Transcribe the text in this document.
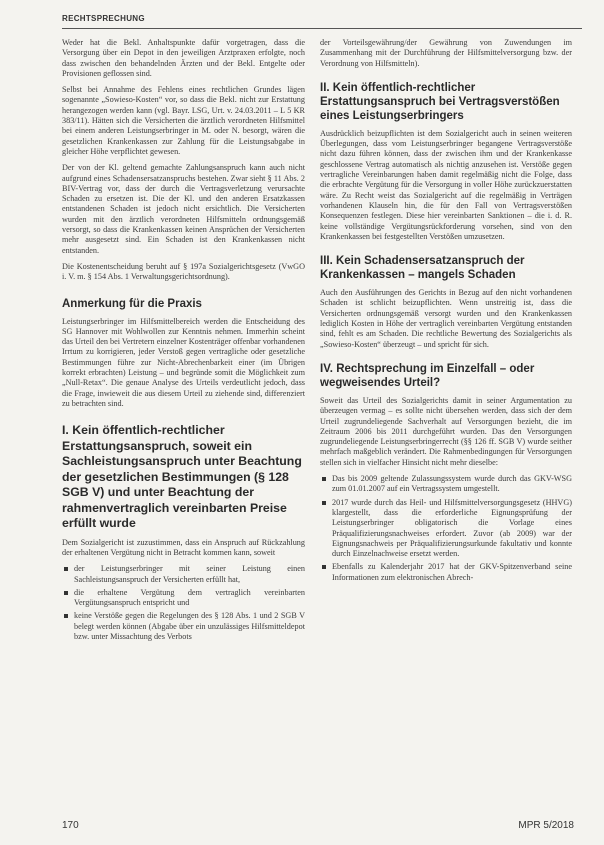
RECHTSPRECHUNG

Weder hat die Bekl. Anhaltspunkte dafür vorgetragen, dass die Versorgung über ein Depot in den jeweiligen Arztpraxen erfolgte, noch dass zwischen den behandelnden Ärzten und der Bekl. Entgelte oder Provisionen geflossen sind.

Selbst bei Annahme des Fehlens eines rechtlichen Grundes lägen sogenannte „Sowieso-Kosten“ vor, so dass die Bekl. nicht zur Erstattung herangezogen werden kann (vgl. Bayr. LSG, Urt. v. 24.03.2011 – L 5 KR 383/11). Hätten sich die Versicherten die ärztlich verordneten Hilfsmittel bei einem anderen Leistungserbringer in M. oder N. besorgt, wären die gesetzlichen Krankenkassen zur Zahlung für die Leistungsabgabe in gleicher Höhe verpflichtet gewesen.

Der von der Kl. geltend gemachte Zahlungsanspruch kann auch nicht aufgrund eines Schadensersatzanspruchs bestehen. Zwar sieht § 11 Abs. 2 BIV-Vertrag vor, dass der durch die Vertragsverletzung verursachte Schaden zu ersetzen ist. Die der Kl. und den anderen Ersatzkassen entstandenen Schaden ist jedoch nicht ersichtlich. Die Versicherten wurden mit den ärztlich verordneten Hilfsmitteln ordnungsgemäß versorgt, so dass die Krankenkassen keinen Ansprüchen der Versicherten mehr ausgesetzt sind. Ein Schaden ist den Krankenkassen nicht entstanden.

Die Kostenentscheidung beruht auf § 197a Sozialgerichtsgesetz (VwGO i. V. m. § 154 Abs. 1 Verwaltungsgerichtsordnung).

Anmerkung für die Praxis

Leistungserbringer im Hilfsmittelbereich werden die Entscheidung des SG Hannover mit Wohlwollen zur Kenntnis nehmen. Immerhin scheint das Urteil den bei Vertretern einzelner Kostenträger offenbar vorhandenen Irrtum zu korrigieren, jeder Verstoß gegen vertragliche oder gesetzliche Bestimmungen führe zur Nicht-Abrechenbarkeit einer (im Übrigen korrekt erbrachten) Leistung – und begründe somit die Möglichkeit zum „Null-Retax“. Die genaue Analyse des Urteils verdeutlicht jedoch, dass die Frage, inwieweit die aus diesem Urteil zu ziehende sind, differenziert zu betrachten sind.

I. Kein öffentlich-rechtlicher Erstattungsanspruch, soweit ein Sachleistungsanspruch unter Beachtung der gesetzlichen Bestimmungen (§ 128 SGB V) und unter Beachtung der rahmenvertraglich vereinbarten Preise erfüllt wurde

Dem Sozialgericht ist zuzustimmen, dass ein Anspruch auf Rückzahlung der erhaltenen Vergütung nicht in Betracht kommen kann, soweit

der Leistungserbringer mit seiner Leistung einen Sachleistungsanspruch der Versicherten erfüllt hat,
die erhaltene Vergütung dem vertraglich vereinbarten Vergütungsanspruch entspricht und
keine Verstöße gegen die Regelungen des § 128 Abs. 1 und 2 SGB V belegt werden können (Abgabe über ein unzulässiges Hilfsmitteldepot bzw. unter Missachtung des Verbots

der Vorteilsgewährung/der Gewährung von Zuwendungen im Zusammenhang mit der Durchführung der Hilfsmittelversorgung bzw. der Verordnung von Hilfsmitteln).

II. Kein öffentlich-rechtlicher Erstattungsanspruch bei Vertragsverstößen eines Leistungserbringers

Ausdrücklich beizupflichten ist dem Sozialgericht auch in seinen weiteren Überlegungen, dass vom Leistungserbringer begangene Vertragsverstöße nicht dazu führen können, dass der zwischen ihm und der Krankenkasse geschlossene Vertrag automatisch als nichtig anzusehen ist. Verstöße gegen vertragliche Vereinbarungen haben damit regelmäßig nicht die Folge, dass die erbrachte Vergütung für die Versorgung in voller Höhe zurückzuerstatten wäre. Zu Recht weist das Sozialgericht auf die regelmäßig in Verträgen vorhandenen Klauseln hin, die für den Fall von Vertragsverstößen Konsequenzen festlegen. Diese hier vereinbarten Sanktionen – die i. d. R. keine vollständige Vergütungsrückforderung vorsehen, sind von den Krankenkassen bei festgestellten Verstößen umzusetzen.

III. Kein Schadensersatzanspruch der Krankenkassen – mangels Schaden

Auch den Ausführungen des Gerichts in Bezug auf den nicht vorhandenen Schaden ist schlicht beizupflichten. Wenn unstreitig ist, dass die Versicherten ordnungsgemäß versorgt wurden und den Krankenkassen lediglich Kosten in Höhe der vertraglich vereinbarten Vergütung entstanden sind, fehlt es am Schaden. Die rechtliche Bewertung des Sozialgerichts als „Sowieso-Kosten“ überzeugt – und spricht für sich.

IV. Rechtsprechung im Einzelfall – oder wegweisendes Urteil?

Soweit das Urteil des Sozialgerichts damit in seiner Argumentation zu überzeugen vermag – es sollte nicht übersehen werden, dass sich der dem Urteil zugrundeliegende Sachverhalt auf Versorgungen bezieht, die im Zeitraum 2006 bis 2011 durchgeführt wurden. Das den Versorgungen zugrundeliegende Leistungserbringerrecht (§§ 126 ff. SGB V) wurde seither mehrfach maßgeblich verändert. Die Rahmenbedingungen für Versorgungen stellen sich in vielfacher Hinsicht nicht mehr dieselbe:

Das bis 2009 geltende Zulassungssystem wurde durch das GKV-WSG zum 01.01.2007 auf ein Vertragssystem umgestellt.
2017 wurde durch das Heil- und Hilfsmittelversorgungsgesetz (HHVG) klargestellt, dass die erforderliche Eignungsprüfung der Leistungserbringer obligatorisch die Vorlage eines Präqualifizierungsnachweises erfordert. Zuvor (ab 2009) war der Eignungsnachweis per Präqualifizierungsurkunde fakultativ und konnte durch Einzelnachweise ersetzt werden.
Ebenfalls zu Kalenderjahr 2017 hat der GKV-Spitzenverband seine Informationen zum elektronischen Abrech-
170	MPR 5/2018
